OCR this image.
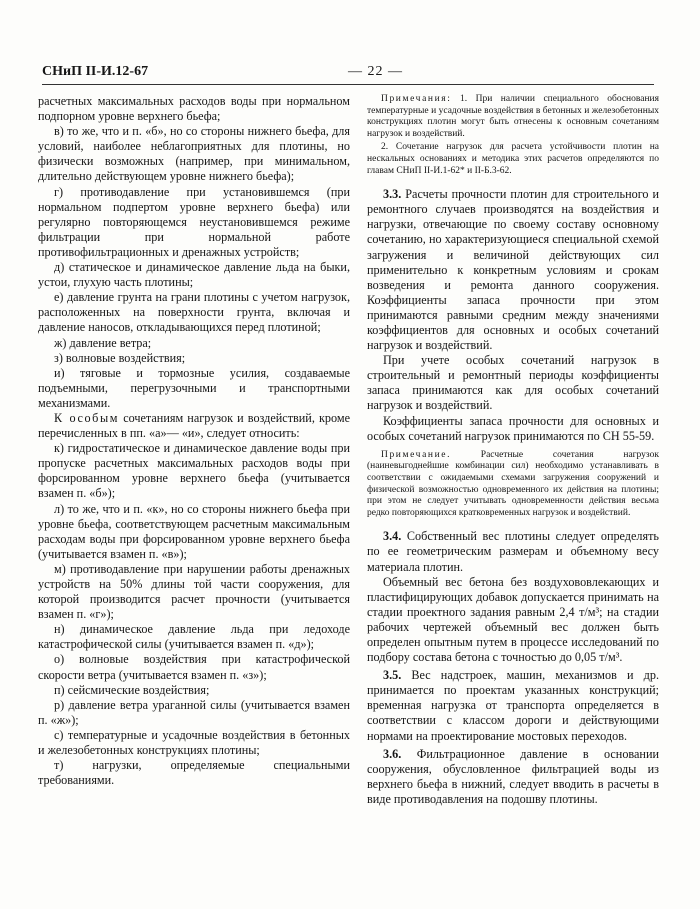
СНиП II-И.12-67	— 22 —

расчетных максимальных расходов воды при нормальном подпорном уровне верхнего бьефа;

в) то же, что и п. «б», но со стороны нижнего бьефа, для условий, наиболее неблагоприятных для плотины, но физически возможных (например, при минимальном, длительно действующем уровне нижнего бьефа);

г) противодавление при установившемся (при нормальном подпертом уровне верхнего бьефа) или регулярно повторяющемся неустановившемся режиме фильтрации при нормальной работе противофильтрационных и дренажных устройств;

д) статическое и динамическое давление льда на быки, устои, глухую часть плотины;

е) давление грунта на грани плотины с учетом нагрузок, расположенных на поверхности грунта, включая и давление наносов, откладывающихся перед плотиной;

ж) давление ветра;

з) волновые воздействия;

и) тяговые и тормозные усилия, создаваемые подъемными, перегрузочными и транспортными механизмами.

К особым сочетаниям нагрузок и воздействий, кроме перечисленных в пп. «а»— «и», следует относить:

к) гидростатическое и динамическое давление воды при пропуске расчетных максимальных расходов воды при форсированном уровне верхнего бьефа (учитывается взамен п. «б»);

л) то же, что и п. «к», но со стороны нижнего бьефа при уровне бьефа, соответствующем расчетным максимальным расходам воды при форсированном уровне верхнего бьефа (учитывается взамен п. «в»);

м) противодавление при нарушении работы дренажных устройств на 50% длины той части сооружения, для которой производится расчет прочности (учитывается взамен п. «г»);

н) динамическое давление льда при ледоходе катастрофической силы (учитывается взамен п. «д»);

о) волновые воздействия при катастрофической скорости ветра (учитывается взамен п. «з»);

п) сейсмические воздействия;

р) давление ветра ураганной силы (учитывается взамен п. «ж»);

с) температурные и усадочные воздействия в бетонных и железобетонных конструкциях плотины;

т) нагрузки, определяемые специальными требованиями.

Примечания: 1. При наличии специального обоснования температурные и усадочные воздействия в бетонных и железобетонных конструкциях плотин могут быть отнесены к основным сочетаниям нагрузок и воздействий.

2. Сочетание нагрузок для расчета устойчивости плотин на нескальных основаниях и методика этих расчетов определяются по главам СНиП II-И.1-62* и II-Б.3-62.

3.3. Расчеты прочности плотин для строительного и ремонтного случаев производятся на воздействия и нагрузки, отвечающие по своему составу основному сочетанию, но характеризующиеся специальной схемой загружения и величиной действующих сил применительно к конкретным условиям и срокам возведения и ремонта данного сооружения. Коэффициенты запаса прочности при этом принимаются равными средним между значениями коэффициентов для основных и особых сочетаний нагрузок и воздействий.

При учете особых сочетаний нагрузок в строительный и ремонтный периоды коэффициенты запаса принимаются как для особых сочетаний нагрузок и воздействий.

Коэффициенты запаса прочности для основных и особых сочетаний нагрузок принимаются по СН 55-59.

Примечание. Расчетные сочетания нагрузок (наиневыгоднейшие комбинации сил) необходимо устанавливать в соответствии с ожидаемыми схемами загружения сооружений и физической возможностью одновременного их действия на плотины; при этом не следует учитывать одновременности действия весьма редко повторяющихся кратковременных нагрузок и воздействий.

3.4. Собственный вес плотины следует определять по ее геометрическим размерам и объемному весу материала плотин.

Объемный вес бетона без воздухововлекающих и пластифицирующих добавок допускается принимать на стадии проектного задания равным 2,4 т/м³; на стадии рабочих чертежей объемный вес должен быть определен опытным путем в процессе исследований по подбору состава бетона с точностью до 0,05 т/м³.

3.5. Вес надстроек, машин, механизмов и др. принимается по проектам указанных конструкций; временная нагрузка от транспорта определяется в соответствии с классом дороги и действующими нормами на проектирование мостовых переходов.

3.6. Фильтрационное давление в основании сооружения, обусловленное фильтрацией воды из верхнего бьефа в нижний, следует вводить в расчеты в виде противодавления на подошву плотины.
